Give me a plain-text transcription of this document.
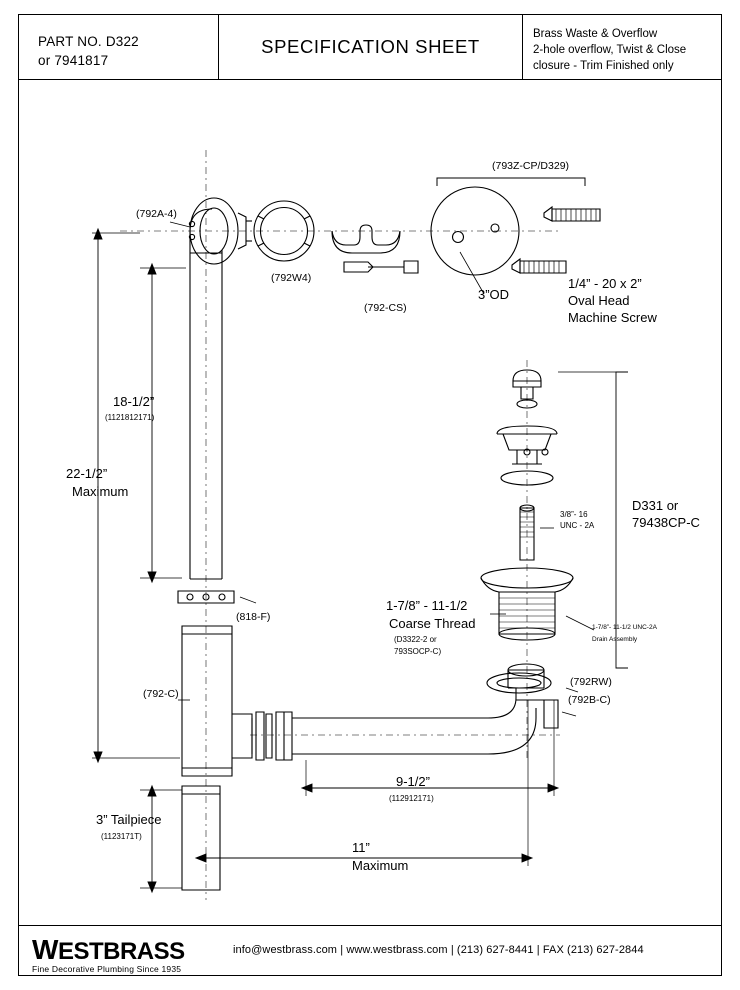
PART NO. D322
or 7941817
SPECIFICATION SHEET
Brass Waste & Overflow
2-hole overflow, Twist & Close
closure - Trim Finished only
(792A-4)
(792W4)
(792-CS)
(793Z-CP/D329)
3”OD
1/4” - 20 x 2”
Oval Head
Machine Screw
18-1/2”
(1121812171)
22-1/2”
Maximum
(818-F)
(792-C)
3” Tailpiece
(1123171T)
9-1/2”
(112912171)
11”
Maximum
(792B-C)
(792RW)
D331 or
79438CP-C
3/8”- 16
UNC - 2A
1-7/8” - 11-1/2
Coarse Thread
(D3322-2 or
793SOCP-C)
1-7/8”- 11-1/2 UNC-2A
Drain Assembly
WESTBRASS
Fine Decorative Plumbing Since 1935
info@westbrass.com | www.westbrass.com | (213) 627-8441 | FAX (213) 627-2844
